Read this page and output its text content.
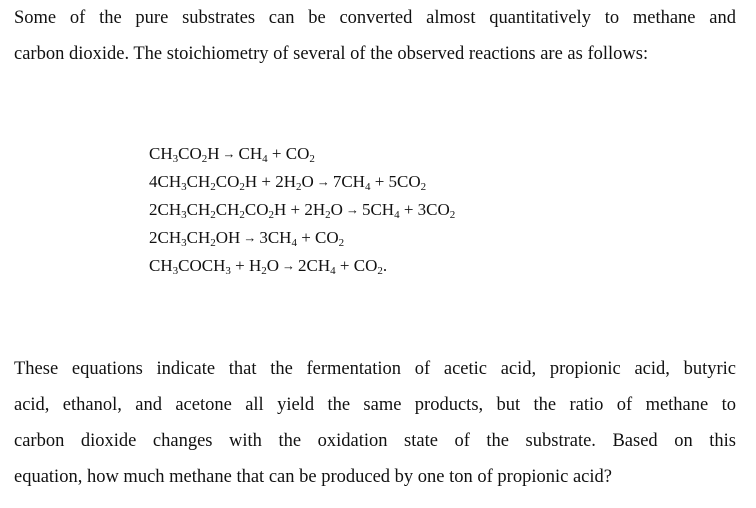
Some of the pure substrates can be converted almost quantitatively to methane and
carbon dioxide. The stoichiometry of several of the observed reactions are as follows:
CH3CO2H → CH4 + CO2
4CH3CH2CO2H + 2H2O → 7CH4 + 5CO2
2CH3CH2CH2CO2H + 2H2O → 5CH4 + 3CO2
2CH3CH2OH → 3CH4 + CO2
CH3COCH3 + H2O → 2CH4 + CO2.
These equations indicate that the fermentation of acetic acid, propionic acid, butyric
acid, ethanol, and acetone all yield the same products, but the ratio of methane to
carbon dioxide changes with the oxidation state of the substrate. Based on this
equation, how much methane that can be produced by one ton of propionic acid?
